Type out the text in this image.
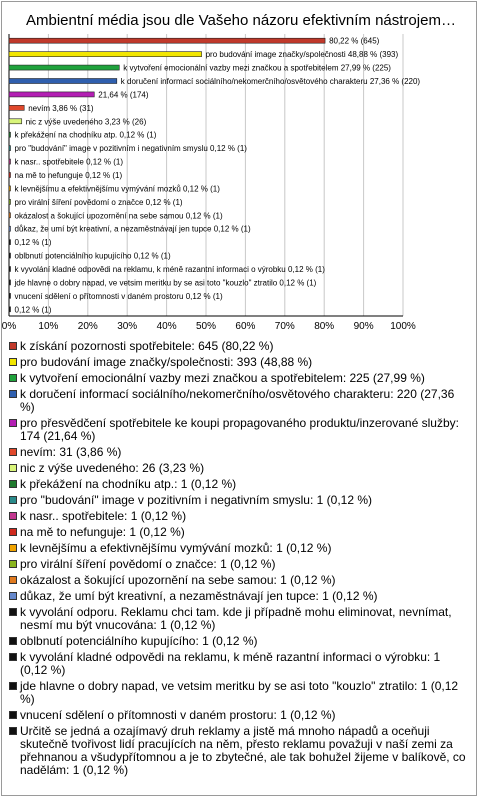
Ambientní média jsou dle Vašeho názoru efektivním nástrojem…
0% 10% 20% 30% 40% 50% 60% 70% 80% 90% 100%
80,22 % (645)
pro budování image značky/společnosti 48,88 % (393)
k vytvoření emocionální vazby mezi značkou a spotřebitelem 27,99 % (225)
k doručení informací sociálního/nekomerčního/osvětového charakteru 27,36 % (220)
21,64 % (174)
nevím 3,86 % (31)
nic z výše uvedeného 3,23 % (26)
k překážení na chodníku atp. 0,12 % (1)
pro "budování" image v pozitivním i negativním smyslu 0,12 % (1)
k nasr.. spotřebitele 0,12 % (1)
na mě to nefunguje 0,12 % (1)
k levnějšímu a efektivnějšímu vymývání mozků 0,12 % (1)
pro virální šíření povědomí o značce 0,12 % (1)
okázalost a šokující upozornění na sebe samou 0,12 % (1)
důkaz, že umí být kreativní, a nezaměstnávají jen tupce 0,12 % (1)
0,12 % (1)
oblbnutí potenciálního kupujícího 0,12 % (1)
k vyvolání kladné odpovědi na reklamu, k méně razantní informaci o výrobku 0,12 % (1)
jde hlavne o dobry napad, ve vetsim meritku by se asi toto "kouzlo" ztratilo 0,12 % (1)
vnucení sdělení o přítomnosti v daném prostoru 0,12 % (1)
0,12 % (1)
k získání pozornosti spotřebitele: 645 (80,22 %)
pro budování image značky/společnosti: 393 (48,88 %)
k vytvoření emocionální vazby mezi značkou a spotřebitelem: 225 (27,99 %)
k doručení informací sociálního/nekomerčního/osvětového charakteru: 220 (27,36 %)
pro přesvědčení spotřebitele ke koupi propagovaného produktu/inzerované služby: 174 (21,64 %)
nevím: 31 (3,86 %)
nic z výše uvedeného: 26 (3,23 %)
k překážení na chodníku atp.: 1 (0,12 %)
pro "budování" image v pozitivním i negativním smyslu: 1 (0,12 %)
k nasr.. spotřebitele: 1 (0,12 %)
na mě to nefunguje: 1 (0,12 %)
k levnějšímu a efektivnějšímu vymývání mozků: 1 (0,12 %)
pro virální šíření povědomí o značce: 1 (0,12 %)
okázalost a šokující upozornění na sebe samou: 1 (0,12 %)
důkaz, že umí být kreativní, a nezaměstnávají jen tupce: 1 (0,12 %)
k vyvolání odporu. Reklamu chci tam. kde ji případně mohu eliminovat, nevnímat, nesmí mu být vnucována: 1 (0,12 %)
oblbnutí potenciálního kupujícího: 1 (0,12 %)
k vyvolání kladné odpovědi na reklamu, k méně razantní informaci o výrobku: 1 (0,12 %)
jde hlavne o dobry napad, ve vetsim meritku by se asi toto "kouzlo" ztratilo: 1 (0,12 %)
vnucení sdělení o přítomnosti v daném prostoru: 1 (0,12 %)
Určitě se jedná a ozajímavý druh reklamy a jistě má mnoho nápadů a oceňuji skutečně tvořivost lidí pracujících na něm, přesto reklamu považuji v naší zemi za přehnanou a všudypřítomnou a je to zbytečné, ale tak bohužel žijeme v balíkově, co nadělám: 1 (0,12 %)
